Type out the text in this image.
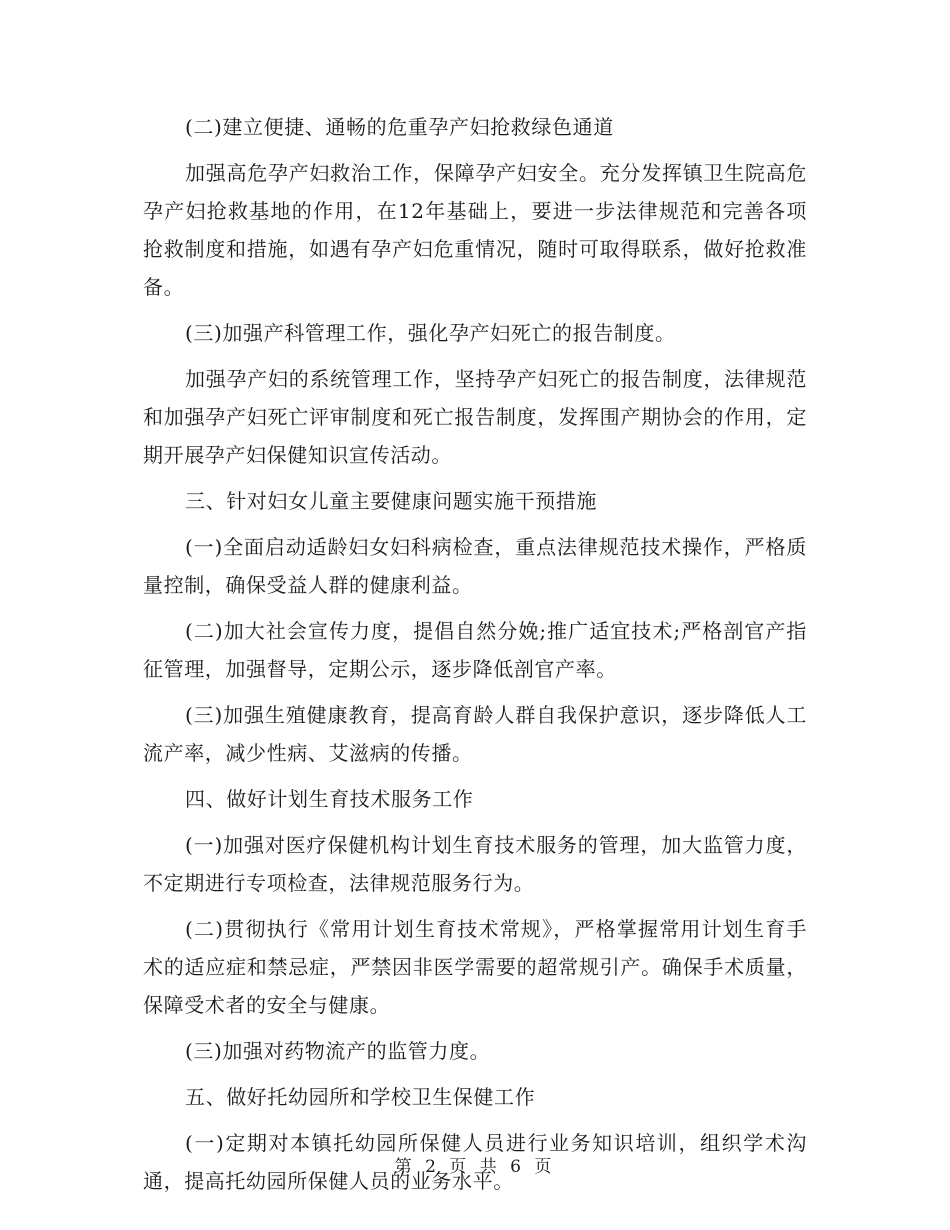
(二)建立便捷、通畅的危重孕产妇抢救绿色通道

加强高危孕产妇救治工作，保障孕产妇安全。充分发挥镇卫生院高危孕产妇抢救基地的作用，在12年基础上，要进一步法律规范和完善各项抢救制度和措施，如遇有孕产妇危重情况，随时可取得联系，做好抢救准备。

(三)加强产科管理工作，强化孕产妇死亡的报告制度。

加强孕产妇的系统管理工作，坚持孕产妇死亡的报告制度，法律规范和加强孕产妇死亡评审制度和死亡报告制度，发挥围产期协会的作用，定期开展孕产妇保健知识宣传活动。

三、针对妇女儿童主要健康问题实施干预措施

(一)全面启动适龄妇女妇科病检查，重点法律规范技术操作，严格质量控制，确保受益人群的健康利益。

(二)加大社会宣传力度，提倡自然分娩;推广适宜技术;严格剖官产指征管理，加强督导，定期公示，逐步降低剖官产率。

(三)加强生殖健康教育，提高育龄人群自我保护意识，逐步降低人工流产率，减少性病、艾滋病的传播。

四、做好计划生育技术服务工作

(一)加强对医疗保健机构计划生育技术服务的管理，加大监管力度，不定期进行专项检查，法律规范服务行为。

(二)贯彻执行《常用计划生育技术常规》，严格掌握常用计划生育手术的适应症和禁忌症，严禁因非医学需要的超常规引产。确保手术质量，保障受术者的安全与健康。

(三)加强对药物流产的监管力度。

五、做好托幼园所和学校卫生保健工作

(一)定期对本镇托幼园所保健人员进行业务知识培训，组织学术沟通，提高托幼园所保健人员的业务水平。

第 2 页 共 6 页
